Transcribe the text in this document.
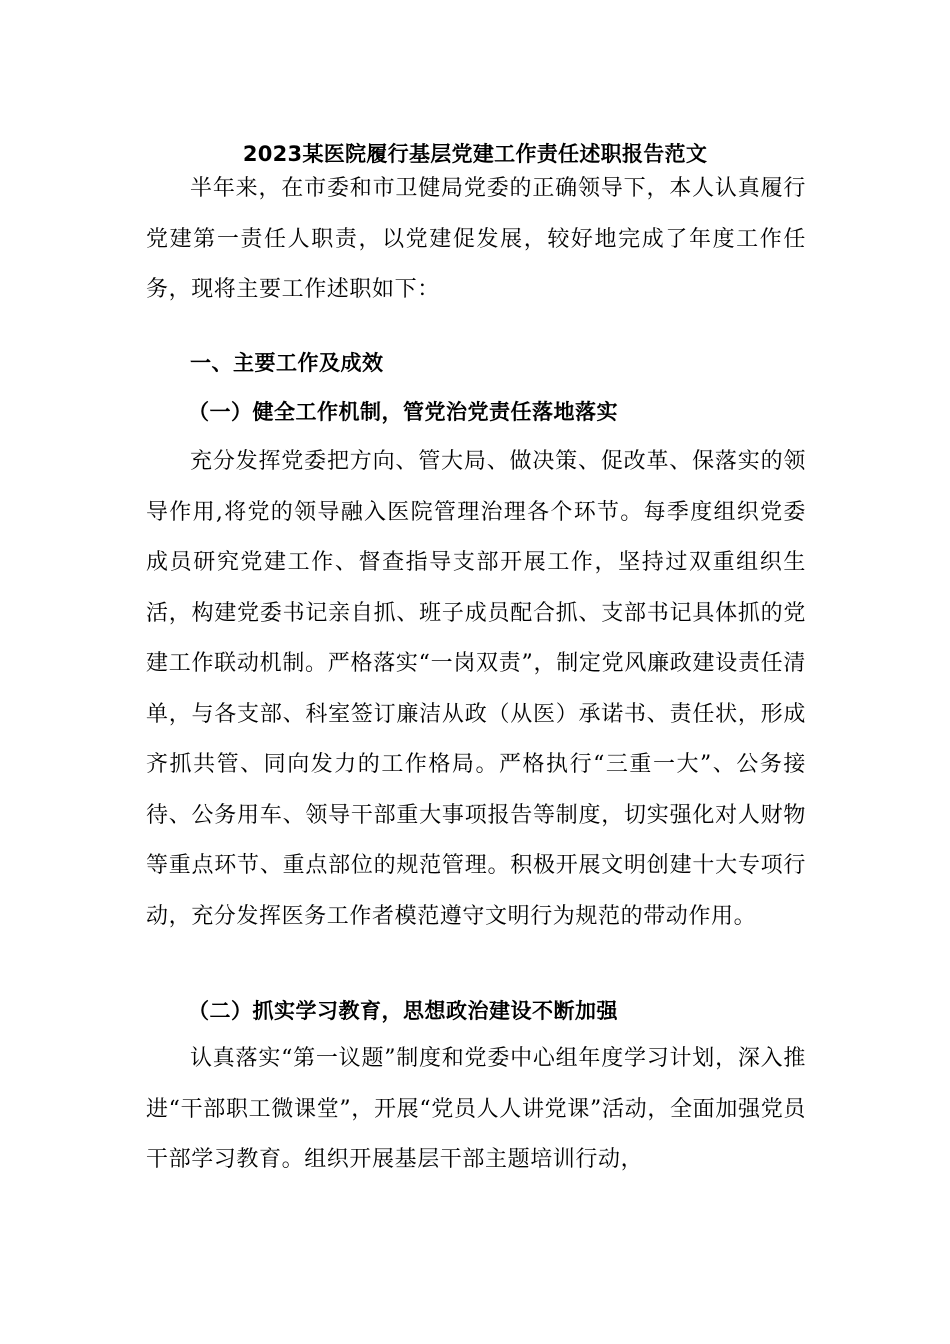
2023某医院履行基层党建工作责任述职报告范文

半年来，在市委和市卫健局党委的正确领导下，本人认真履行党建第一责任人职责，以党建促发展，较好地完成了年度工作任务，现将主要工作述职如下：

一、主要工作及成效
（一）健全工作机制，管党治党责任落地落实

充分发挥党委把方向、管大局、做决策、促改革、保落实的领导作用,将党的领导融入医院管理治理各个环节。每季度组织党委成员研究党建工作、督查指导支部开展工作，坚持过双重组织生活，构建党委书记亲自抓、班子成员配合抓、支部书记具体抓的党建工作联动机制。严格落实“一岗双责”，制定党风廉政建设责任清单，与各支部、科室签订廉洁从政（从医）承诺书、责任状，形成齐抓共管、同向发力的工作格局。严格执行“三重一大”、公务接待、公务用车、领导干部重大事项报告等制度，切实强化对人财物等重点环节、重点部位的规范管理。积极开展文明创建十大专项行动，充分发挥医务工作者模范遵守文明行为规范的带动作用。

（二）抓实学习教育，思想政治建设不断加强

认真落实“第一议题”制度和党委中心组年度学习计划，深入推进“干部职工微课堂”，开展“党员人人讲党课”活动，全面加强党员干部学习教育。组织开展基层干部主题培训行动，
